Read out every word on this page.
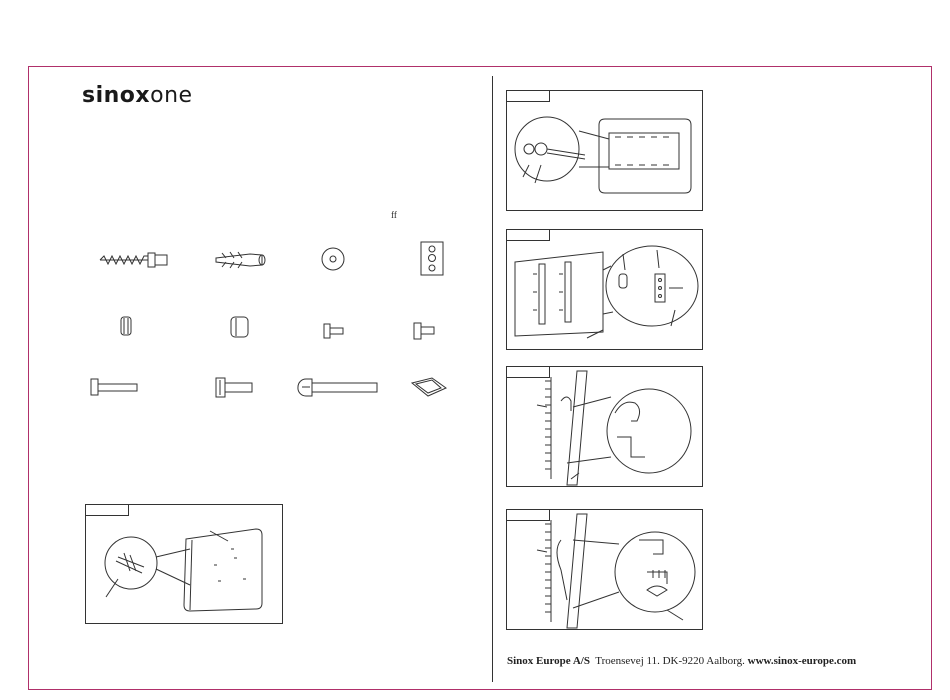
sinoxone
ff
Sinox Europe A/S Troensevej 11. DK-9220 Aalborg. www.sinox-europe.com
